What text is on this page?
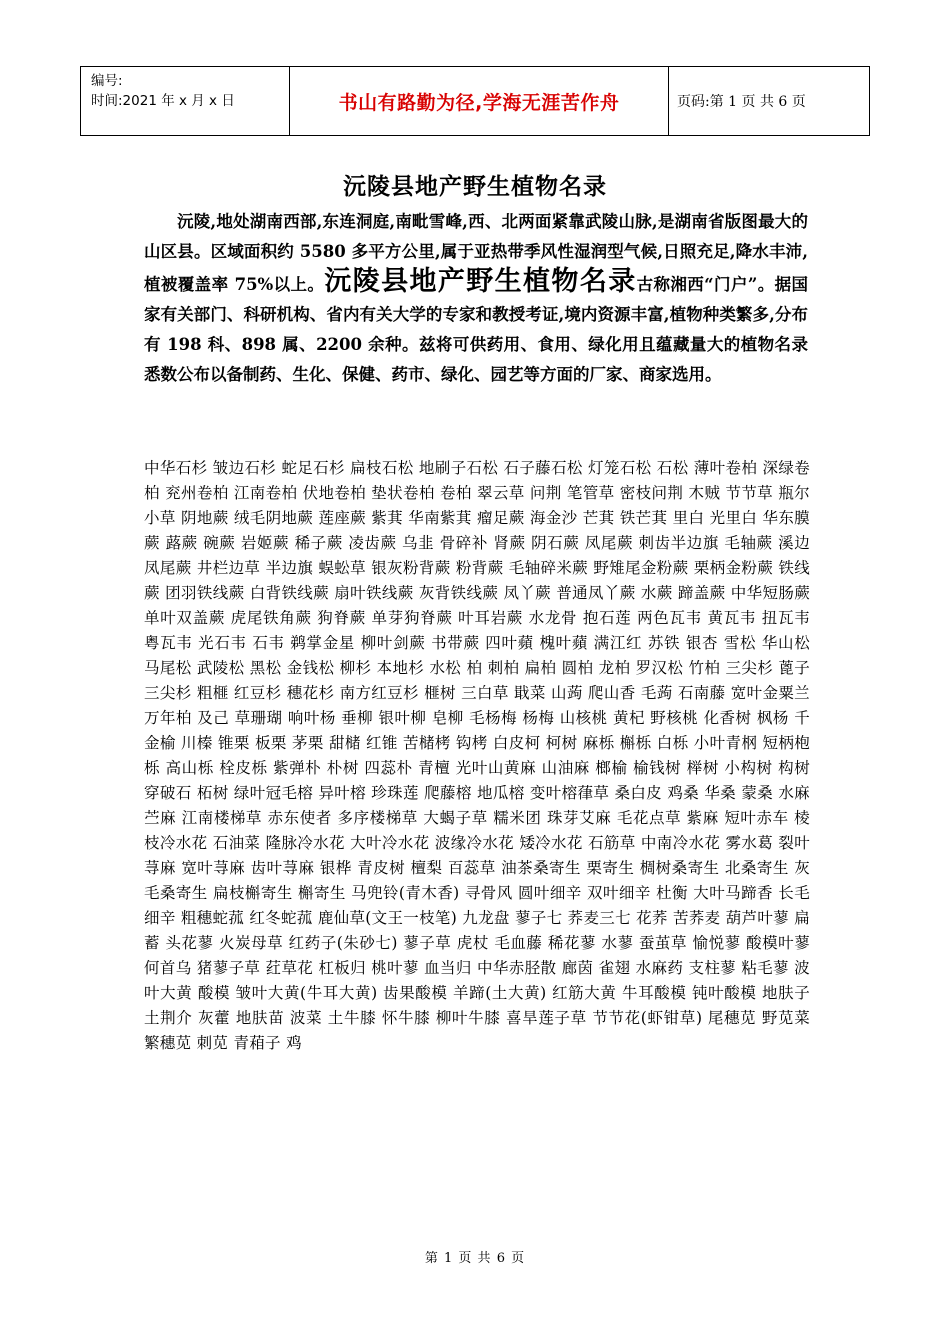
编号:
时间:2021 年 x 月 x 日	书山有路勤为径,学海无涯苦作舟	页码:第 1 页 共 6 页
沅陵县地产野生植物名录
沅陵,地处湖南西部,东连洞庭,南毗雪峰,西、北两面紧靠武陵山脉,是湖南省版图最大的山区县。区域面积约 5580 多平方公里,属于亚热带季风性湿润型气候,日照充足,降水丰沛,植被覆盖率 75%以上。沅陵县地产野生植物名录古称湘西“门户”。据国家有关部门、科研机构、省内有关大学的专家和教授考证,境内资源丰富,植物种类繁多,分布有 198 科、898 属、2200 余种。兹将可供药用、食用、绿化用且蕴藏量大的植物名录悉数公布以备制药、生化、保健、药市、绿化、园艺等方面的厂家、商家选用。
中华石杉 皱边石杉 蛇足石杉 扁枝石松 地刷子石松 石子藤石松 灯笼石松 石松 薄叶卷柏 深绿卷柏 兖州卷柏 江南卷柏 伏地卷柏 垫状卷柏 卷柏 翠云草 问荆 笔管草 密枝问荆 木贼 节节草 瓶尔小草 阴地蕨 绒毛阴地蕨 莲座蕨 紫萁 华南紫萁 瘤足蕨 海金沙 芒萁 铁芒萁 里白 光里白 华东膜蕨 蕗蕨 碗蕨 岩姬蕨 稀子蕨 凌齿蕨 乌韭 骨碎补 肾蕨 阴石蕨 凤尾蕨 刺齿半边旗 毛轴蕨 溪边凤尾蕨 井栏边草 半边旗 蜈蚣草 银灰粉背蕨 粉背蕨 毛轴碎米蕨 野雉尾金粉蕨 栗柄金粉蕨 铁线蕨 团羽铁线蕨 白背铁线蕨 扇叶铁线蕨 灰背铁线蕨 凤丫蕨 普通凤丫蕨 水蕨 蹄盖蕨 中华短肠蕨 单叶双盖蕨 虎尾铁角蕨 狗脊蕨 单芽狗脊蕨 叶耳岩蕨 水龙骨 抱石莲 两色瓦韦 黄瓦韦 扭瓦韦 粤瓦韦 光石韦 石韦 鹈掌金星 柳叶剑蕨 书带蕨 四叶蘋 槐叶蘋 满江红 苏铁 银杏 雪松 华山松 马尾松 武陵松 黑松 金钱松 柳杉 本地杉 水松 柏 刺柏 扁柏 圆柏 龙柏 罗汉松 竹柏 三尖杉 蓖子三尖杉 粗榧 红豆杉 穗花杉 南方红豆杉 榧树 三白草 戢菜 山蒟 爬山香 毛蒟 石南藤 宽叶金粟兰 万年柏 及己 草珊瑚 响叶杨 垂柳 银叶柳 皂柳 毛杨梅 杨梅 山核桃 黄杞 野核桃 化香树 枫杨 千金榆 川榛 锥栗 板栗 茅栗 甜槠 红锥 苦槠栲 钩栲 白皮柯 柯树 麻栎 槲栎 白栎 小叶青㭎 短柄枹栎 高山栎 栓皮栎 紫弹朴 朴树 四蕊朴 青檀 光叶山黄麻 山油麻 榔榆 榆钱树 榉树 小构树 构树 穿破石 柘树 绿叶冠毛榕 异叶榕 珍珠莲 爬藤榕 地瓜榕 变叶榕葎草 桑白皮 鸡桑 华桑 蒙桑 水麻 苎麻 江南楼梯草 赤东使者 多序楼梯草 大蝎子草 糯米团 珠芽艾麻 毛花点草 紫麻 短叶赤车 棱枝冷水花 石油菜 隆脉冷水花 大叶冷水花 波缘冷水花 矮冷水花 石筋草 中南冷水花 雾水葛 裂叶荨麻 宽叶荨麻 齿叶荨麻 银桦 青皮树 檀梨 百蕊草 油茶桑寄生 栗寄生 椆树桑寄生 北桑寄生 灰毛桑寄生 扁枝槲寄生 槲寄生 马兜铃(青木香) 寻骨风 圆叶细辛 双叶细辛 杜衡 大叶马蹄香 长毛细辛 粗穗蛇菰 红冬蛇菰 鹿仙草(文王一枝笔) 九龙盘 蓼子七 荞麦三七 花荞 苦荞麦 葫芦叶蓼 扁蓄 头花蓼 火炭母草 红药子(朱砂七) 蓼子草 虎杖 毛血藤 稀花蓼 水蓼 蚕茧草 愉悦蓼 酸模叶蓼 何首乌 猪蓼子草 荭草花 杠板归 桃叶蓼 血当归 中华赤胫散 廊茵 雀翅 水麻药 支柱蓼 粘毛蓼 波叶大黄 酸模 皱叶大黄(牛耳大黄) 齿果酸模 羊蹄(土大黄) 红筋大黄 牛耳酸模 钝叶酸模 地肤子 土荆介 灰藿 地肤苗 波菜 土牛膝 怀牛膝 柳叶牛膝 喜旱莲子草 节节花(虾钳草) 尾穗苋 野苋菜 繁穗苋 刺苋 青葙子 鸡
第 1 页 共 6 页
